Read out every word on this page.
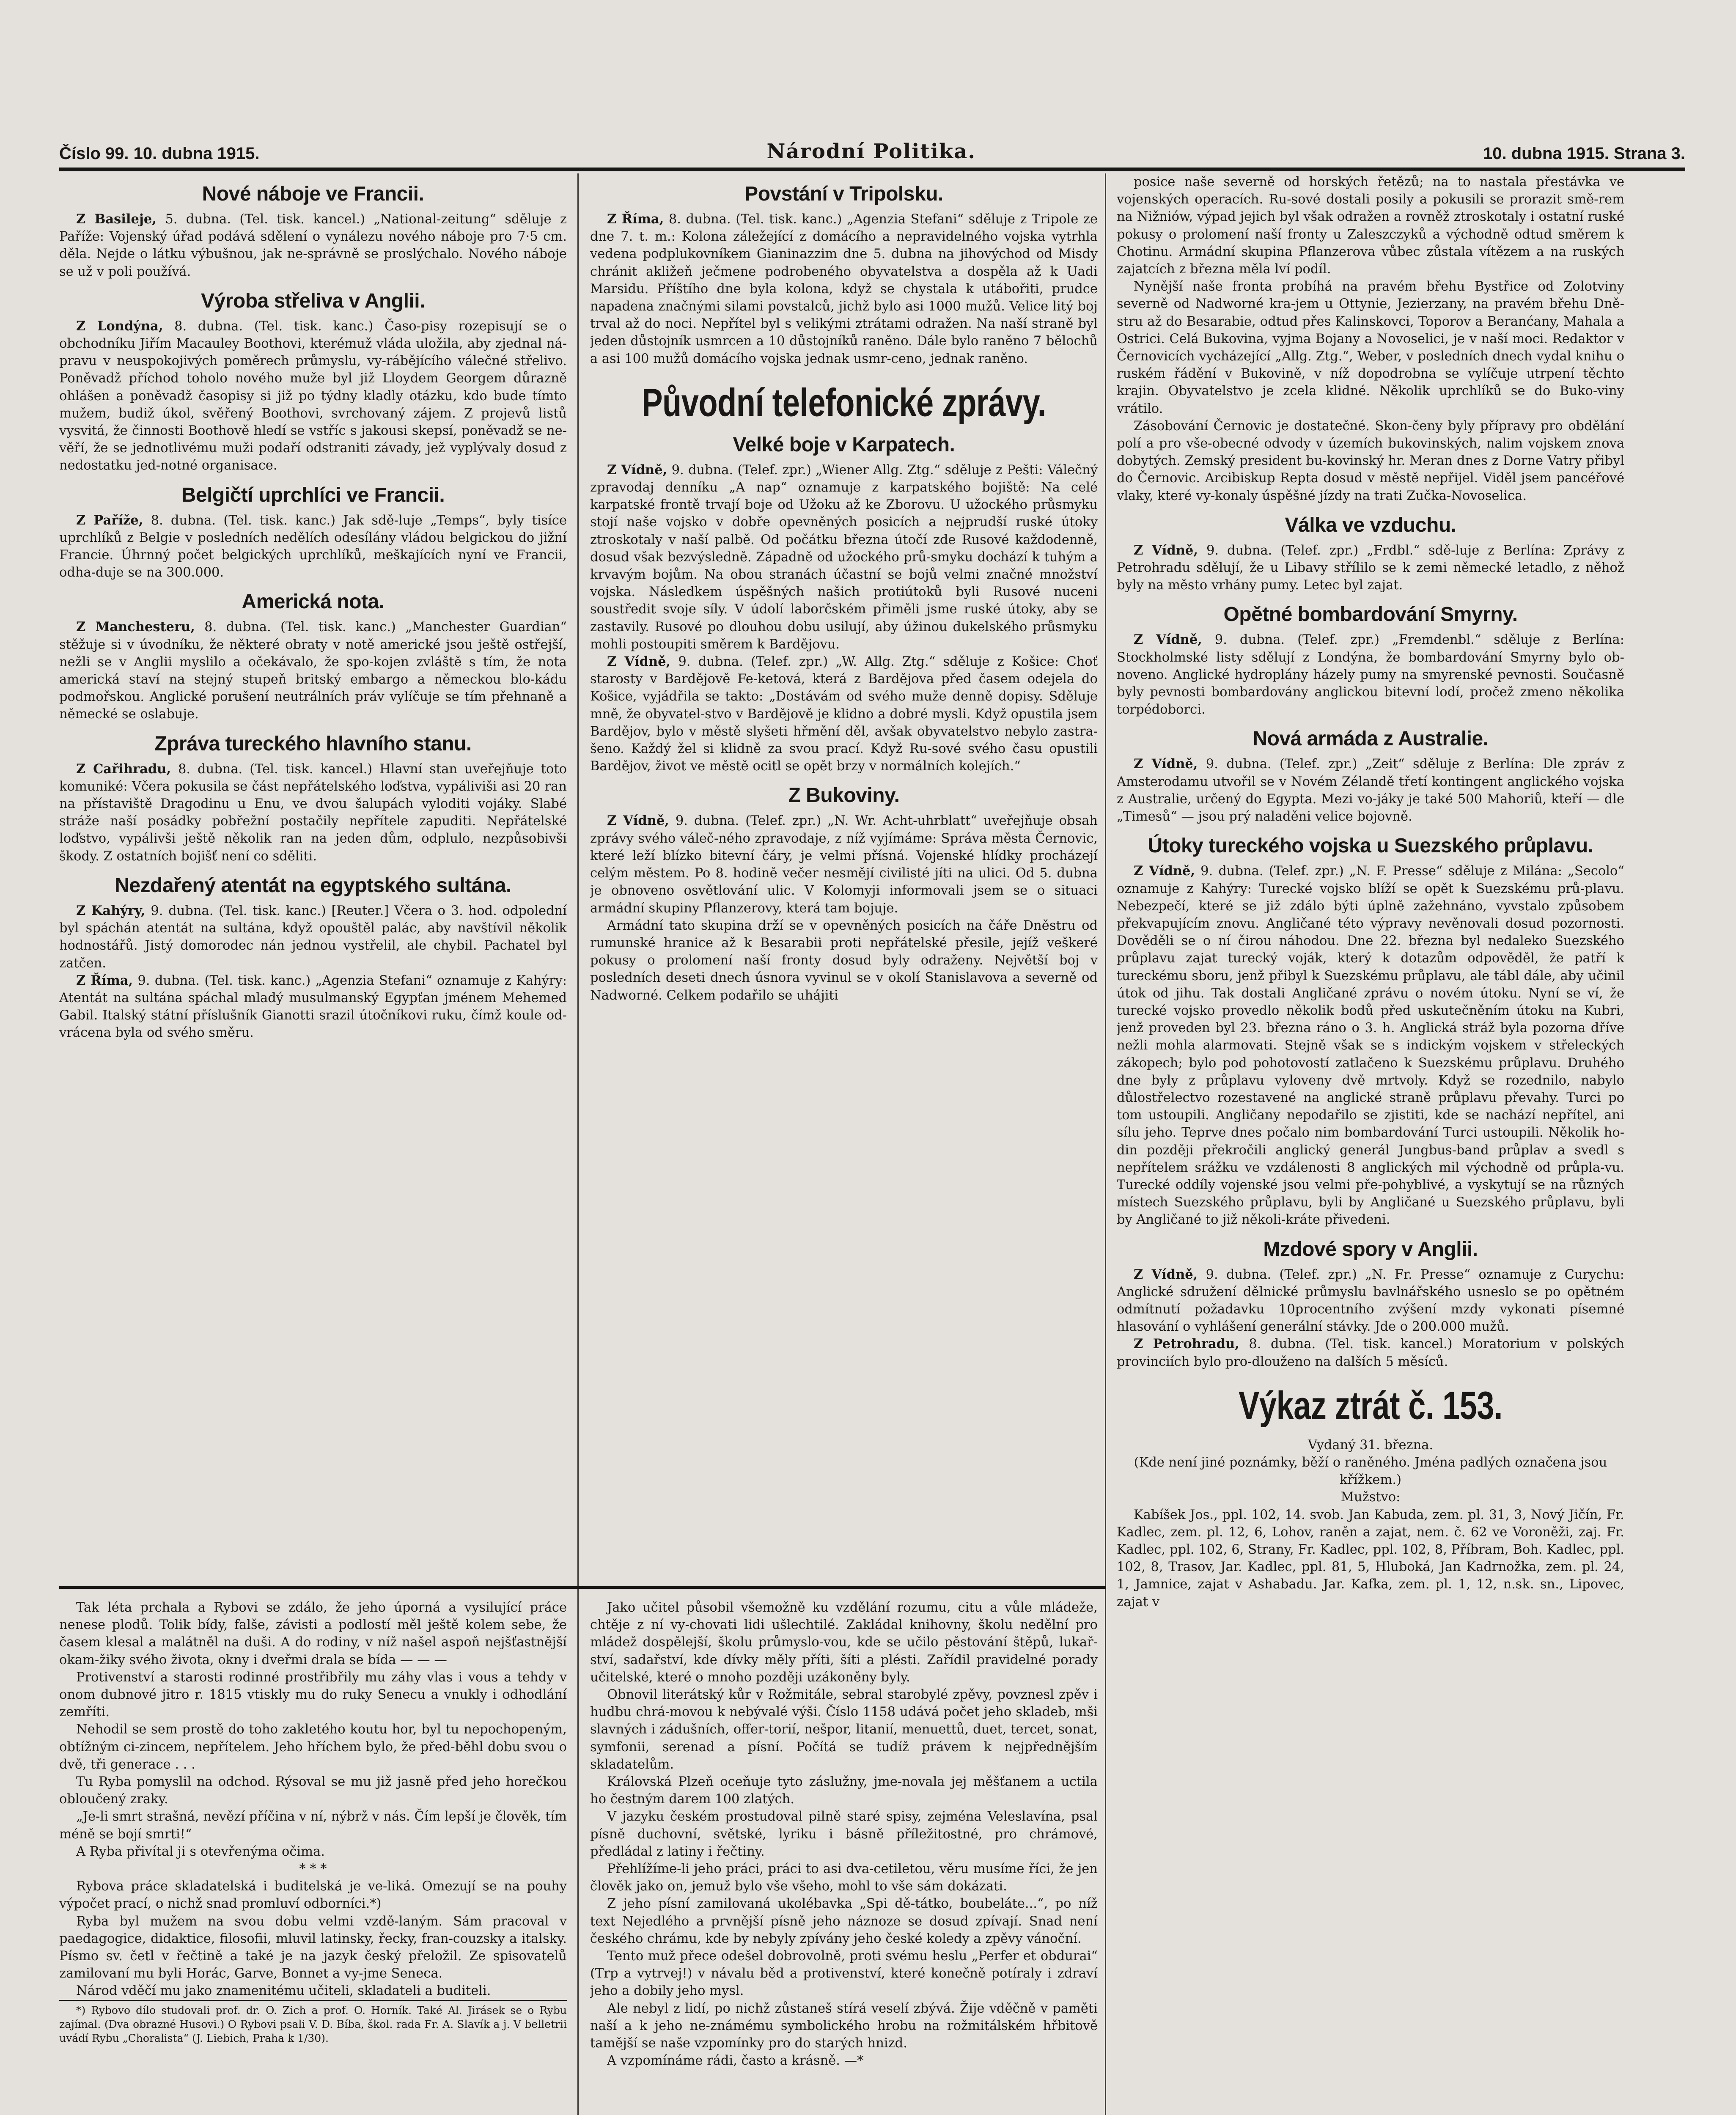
Číslo 99. 10. dubna 1915.	Národní Politika.	10. dubna 1915. Strana 3.
Nové náboje ve Francii.

Z Basileje, 5. dubna. (Tel. tisk. kancel.) „National-zeitung“ sděluje z Paříže: Vojenský úřad podává sdělení o vynálezu nového náboje pro 7·5 cm. děla. Nejde o látku výbušnou, jak ne-správně se proslýchalo. Nového náboje se už v poli používá.

Výroba střeliva v Anglii.

Z Londýna, 8. dubna. (Tel. tisk. kanc.) Časo-pisy rozepisují se o obchodníku Jiřím Macauley Boothovi, kterémuž vláda uložila, aby zjednal ná-pravu v neuspokojivých poměrech průmyslu, vy-rábějícího válečné střelivo. Poněvadž příchod toholo nového muže byl již Lloydem Georgem důrazně ohlášen a poněvadž časopisy si již po týdny kladly otázku, kdo bude tímto mužem, budiž úkol, svěřený Boothovi, svrchovaný zájem. Z projevů listů vysvitá, že činnosti Boothově hledí se vstříc s jakousi skepsí, poněvadž se ne-věří, že se jednotlivému muži podaří odstraniti závady, jež vyplývaly dosud z nedostatku jed-notné organisace.

Belgičtí uprchlíci ve Francii.

Z Paříže, 8. dubna. (Tel. tisk. kanc.) Jak sdě-luje „Temps“, byly tisíce uprchlíků z Belgie v posledních nedělích odesílány vládou belgickou do jižní Francie. Úhrnný počet belgických uprchlíků, meškajících nyní ve Francii, odha-duje se na 300.000.

Americká nota.

Z Manchesteru, 8. dubna. (Tel. tisk. kanc.) „Manchester Guardian“ stěžuje si v úvodníku, že některé obraty v notě americké jsou ještě ostřejší, nežli se v Anglii myslilo a očekávalo, že spo-kojen zvláště s tím, že nota americká staví na stejný stupeň britský embargo a německou blo-kádu podmořskou. Anglické porušení neutrálních práv vylíčuje se tím přehnaně a německé se oslabuje.

Zpráva tureckého hlavního stanu.

Z Cařihradu, 8. dubna. (Tel. tisk. kancel.) Hlavní stan uveřejňuje toto komuniké: Včera pokusila se část nepřátelského loďstva, vypáliviši asi 20 ran na přístaviště Dragodinu u Enu, ve dvou šalupách vyloditi vojáky. Slabé stráže naší posádky pobřežní postačily nepřítele zapuditi. Nepřátelské loďstvo, vypálivši ještě několik ran na jeden dům, odplulo, nezpůsobivši škody. Z ostatních bojišť není co sděliti.

Nezdařený atentát na egyptského sultána.

Z Kahýry, 9. dubna. (Tel. tisk. kanc.) [Reuter.] Včera o 3. hod. odpolední byl spáchán atentát na sultána, když opouštěl palác, aby navštívil několik hodnostářů. Jistý domorodec nán jednou vystřelil, ale chybil. Pachatel byl zatčen.

Z Říma, 9. dubna. (Tel. tisk. kanc.) „Agenzia Stefani“ oznamuje z Kahýry: Atentát na sultána spáchal mladý musulmanský Egypťan jménem Mehemed Gabil. Italský státní příslušník Gianotti srazil útočníkovi ruku, čímž koule od-vrácena byla od svého směru.

Povstání v Tripolsku.

Z Říma, 8. dubna. (Tel. tisk. kanc.) „Agenzia Stefani“ sděluje z Tripole ze dne 7. t. m.: Kolona záležející z domácího a nepravidelného vojska vytrhla vedena podplukovníkem Gianinazzim dne 5. dubna na jihovýchod od Misdy chránit akližeň ječmene podrobeného obyvatelstva a dospěla až k Uadi Marsidu. Příštího dne byla kolona, když se chystala k utábořiti, prudce napadena značnými silami povstalců, jichž bylo asi 1000 mužů. Velice litý boj trval až do noci. Nepřítel byl s velikými ztrátami odražen. Na naší straně byl jeden důstojník usmrcen a 10 důstojníků raněno. Dále bylo raněno 7 bělochů a asi 100 mužů domácího vojska jednak usmr-ceno, jednak raněno.

Původní telefonické zprávy.
Velké boje v Karpatech.

Z Vídně, 9. dubna. (Telef. zpr.) „Wiener Allg. Ztg.“ sděluje z Pešti: Válečný zpravodaj denníku „A nap“ oznamuje z karpatského bojiště: Na celé karpatské frontě trvají boje od Užoku až ke Zborovu. U užockého průsmyku stojí naše vojsko v dobře opevněných posicích a nejprudší ruské útoky ztroskotaly v naší palbě. Od počátku března útočí zde Rusové každodenně, dosud však bezvýsledně. Západně od užockého prů-smyku dochází k tuhým a krvavým bojům. Na obou stranách účastní se bojů velmi značné množství vojska. Následkem úspěšných našich protiútoků byli Rusové nuceni soustředit svoje síly. V údolí laborčském přiměli jsme ruské útoky, aby se zastavily. Rusové po dlouhou dobu usilují, aby úžinou dukelského průsmyku mohli postoupiti směrem k Bardějovu.

Z Vídně, 9. dubna. (Telef. zpr.) „W. Allg. Ztg.“ sděluje z Košice: Choť starosty v Bardějově Fe-ketová, která z Bardějova před časem odejela do Košice, vyjádřila se takto: „Dostávám od svého muže denně dopisy. Sděluje mně, že obyvatel-stvo v Bardějově je klidno a dobré mysli. Když opustila jsem Bardějov, bylo v městě slyšeti hřmění děl, avšak obyvatelstvo nebylo zastra-šeno. Každý žel si klidně za svou prací. Když Ru-sové svého času opustili Bardějov, život ve městě ocitl se opět brzy v normálních kolejích.“

Z Bukoviny.

Z Vídně, 9. dubna. (Telef. zpr.) „N. Wr. Acht-uhrblatt“ uveřejňuje obsah zprávy svého váleč-ného zpravodaje, z níž vyjímáme: Správa města Černovic, které leží blízko bitevní čáry, je velmi přísná. Vojenské hlídky procházejí celým městem. Po 8. hodině večer nesmějí civilisté jíti na ulici. Od 5. dubna je obnoveno osvětlování ulic. V Kolomyji informovali jsem se o situaci armádní skupiny Pflanzerovy, která tam bojuje.

Armádní tato skupina drží se v opevněných posicích na čáře Dněstru od rumunské hranice až k Besarabii proti nepřátelské přesile, jejíž veškeré pokusy o prolomení naší fronty dosud byly odraženy. Největší boj v posledních deseti dnech úsnora vyvinul se v okolí Stanislavova a severně od Nadworné. Celkem podařilo se uhájiti

posice naše severně od horských řetězů; na to nastala přestávka ve vojenských operacích. Ru-sové dostali posily a pokusili se prorazit smě-rem na Nižniów, výpad jejich byl však odražen a rovněž ztroskotaly i ostatní ruské pokusy o prolomení naší fronty u Zaleszczyků a východně odtud směrem k Chotinu. Armádní skupina Pflanzerova vůbec zůstala vítězem a na ruských zajatcích z března měla lví podíl.

Nynější naše fronta probíhá na pravém břehu Bystřice od Zolotviny severně od Nadworné kra-jem u Ottynie, Jezierzany, na pravém břehu Dně-stru až do Besarabie, odtud přes Kalinskovci, Toporov a Beranćany, Mahala a Ostrici. Celá Bukovina, vyjma Bojany a Novoselici, je v naší moci. Redaktor v Černovicích vycházející „Allg. Ztg.“, Weber, v posledních dnech vydal knihu o ruském řádění v Bukovině, v níž dopodrobna se vylíčuje utrpení těchto krajin. Obyvatelstvo je zcela klidné. Několik uprchlíků se do Buko-viny vrátilo.

Zásobování Černovic je dostatečné. Skon-čeny byly přípravy pro obdělání polí a pro vše-obecné odvody v územích bukovinských, nalim vojskem znova dobytých. Zemský president bu-kovinský hr. Meran dnes z Dorne Vatry přibyl do Černovic. Arcibiskup Repta dosud v městě nepřijel. Viděl jsem pancéřové vlaky, které vy-konaly úspěšné jízdy na trati Zučka-Novoselica.

Válka ve vzduchu.

Z Vídně, 9. dubna. (Telef. zpr.) „Frdbl.“ sdě-luje z Berlína: Zprávy z Petrohradu sdělují, že u Libavy střílilo se k zemi německé letadlo, z něhož byly na město vrhány pumy. Letec byl zajat.

Opětné bombardování Smyrny.

Z Vídně, 9. dubna. (Telef. zpr.) „Fremdenbl.“ sděluje z Berlína: Stockholmské listy sdělují z Londýna, že bombardování Smyrny bylo ob-noveno. Anglické hydroplány házely pumy na smyrenské pevnosti. Současně byly pevnosti bombardovány anglickou bitevní lodí, pročež zmeno několika torpédoborci.

Nová armáda z Australie.

Z Vídně, 9. dubna. (Telef. zpr.) „Zeit“ sděluje z Berlína: Dle zpráv z Amsterodamu utvořil se v Novém Zélandě třetí kontingent anglického vojska z Australie, určený do Egypta. Mezi vo-jáky je také 500 Mahoriů, kteří — dle „Timesů“ — jsou prý naladěni velice bojovně.

Útoky tureckého vojska u Suezského průplavu.

Z Vídně, 9. dubna. (Telef. zpr.) „N. F. Presse“ sděluje z Milána: „Secolo“ oznamuje z Kahýry: Turecké vojsko blíží se opět k Suezskému prů-plavu. Nebezpečí, které se již zdálo býti úplně zažehnáno, vyvstalo způsobem překvapujícím znovu. Angličané této výpravy nevěnovali dosud pozornosti. Dověděli se o ní čirou náhodou. Dne 22. března byl nedaleko Suezského průplavu zajat turecký voják, který k dotazům odpověděl, že patří k tureckému sboru, jenž přibyl k Suezskému průplavu, ale tábl dále, aby učinil útok od jihu. Tak dostali Angličané zprávu o novém útoku. Nyní se ví, že turecké vojsko provedlo několik bodů před uskutečněním útoku na Kubri, jenž proveden byl 23. března ráno o 3. h. Anglická stráž byla pozorna dříve nežli mohla alarmovati. Stejně však se s indickým vojskem v střeleckých zákopech; bylo pod pohotovostí zatlačeno k Suezskému průplavu. Druhého dne byly z průplavu vyloveny dvě mrtvoly. Když se rozednilo, nabylo důlostřelectvo rozestavené na anglické straně průplavu převahy. Turci po tom ustoupili. Angličany nepodařilo se zjistiti, kde se nachází nepřítel, ani sílu jeho. Teprve dnes počalo nim bombardování Turci ustoupili. Několik ho-din později překročili anglický generál Jungbus-band průplav a svedl s nepřítelem srážku ve vzdálenosti 8 anglických mil východně od průpla-vu. Turecké oddíly vojenské jsou velmi pře-pohyblivé, a vyskytují se na různých místech Suezského průplavu, byli by Angličané u Suezského průplavu, byli by Angličané to již několi-kráte přivedeni.

Mzdové spory v Anglii.

Z Vídně, 9. dubna. (Telef. zpr.) „N. Fr. Presse“ oznamuje z Curychu: Anglické sdružení dělnické průmyslu bavlnářského usneslo se po opětném odmítnutí požadavku 10procentního zvýšení mzdy vykonati písemné hlasování o vyhlášení generální stávky. Jde o 200.000 mužů.

Z Petrohradu, 8. dubna. (Tel. tisk. kancel.) Moratorium v polských provinciích bylo pro-dlouženo na dalších 5 měsíců.

Výkaz ztrát č. 153.

Vydaný 31. března.

(Kde není jiné poznámky, běží o raněného. Jména padlých označena jsou křížkem.)

Mužstvo:

Kabíšek Jos., ppl. 102, 14. svob. Jan Kabuda, zem. pl. 31, 3, Nový Jičín, Fr. Kadlec, zem. pl. 12, 6, Lohov, raněn a zajat, nem. č. 62 ve Voroněži, zaj. Fr. Kadlec, ppl. 102, 6, Strany, Fr. Kadlec, ppl. 102, 8, Příbram, Boh. Kadlec, ppl. 102, 8, Trasov, Jar. Kadlec, ppl. 81, 5, Hluboká, Jan Kadrnožka, zem. pl. 24, 1, Jamnice, zajat v Ashabadu. Jar. Kafka, zem. pl. 1, 12, n.sk. sn., Lipovec, zajat v

Tak léta prchala a Rybovi se zdálo, že jeho úporná a vysilující práce nenese plodů. Tolik bídy, falše, závisti a podlostí měl ještě kolem sebe, že časem klesal a malátněl na duši. A do rodiny, v níž našel aspoň nejšťastnější okam-žiky svého života, okny i dveřmi drala se bída — — —

Protivenství a starosti rodinné prostřibřily mu záhy vlas i vous a tehdy v onom dubnové jitro r. 1815 vtiskly mu do ruky Senecu a vnukly i odhodlání zemříti.

Nehodil se sem prostě do toho zakletého koutu hor, byl tu nepochopeným, obtížným ci-zincem, nepřítelem. Jeho hříchem bylo, že před-běhl dobu svou o dvě, tři generace . . .

Tu Ryba pomyslil na odchod. Rýsoval se mu již jasně před jeho horečkou obloučený zraky.

„Je-li smrt strašná, nevězí příčina v ní, nýbrž v nás. Čím lepší je člověk, tím méně se bojí smrti!“

A Ryba přivítal ji s otevřenýma očima.

* * *

Rybova práce skladatelská i buditelská je ve-liká. Omezují se na pouhy výpočet prací, o nichž snad promluví odborníci.*)

Ryba byl mužem na svou dobu velmi vzdě-laným. Sám pracoval v paedagogice, didaktice, filosofii, mluvil latinsky, řecky, fran-couzsky a italsky. Písmo sv. četl v řečtině a také je na jazyk český přeložil. Ze spisovatelů zamilovaní mu byli Horác, Garve, Bonnet a vy-jme Seneca.

Národ vděčí mu jako znamenitému učiteli, skladateli a buditeli.

*) Rybovo dílo studovali prof. dr. O. Zich a prof. O. Horník. Také Al. Jirásek se o Rybu zajímal. (Dva obrazné Husovi.) O Rybovi psali V. D. Bíba, škol. rada Fr. A. Slavík a j. V belletrii uvádí Rybu „Choralista“ (J. Liebich, Praha k 1/30).

Jako učitel působil všemožně ku vzdělání rozumu, citu a vůle mládeže, chtěje z ní vy-chovati lidi ušlechtilé. Zakládal knihovny, školu nedělní pro mládež dospělejší, školu průmyslo-vou, kde se učilo pěstování štěpů, lukař-ství, sadařství, kde dívky měly příti, šíti a plésti. Zařídil pravidelné porady učitelské, které o mnoho později uzákoněny byly.

Obnovil literátský kůr v Rožmitále, sebral starobylé zpěvy, povznesl zpěv i hudbu chrá-movou k nebývalé výši. Číslo 1158 udává počet jeho skladeb, mši slavných i zádušních, offer-torií, nešpor, litanií, menuettů, duet, tercet, sonat, symfonii, serenad a písní. Počítá se tudíž právem k nejpřednějším skladatelům.

Královská Plzeň oceňuje tyto záslužny, jme-novala jej měšťanem a uctila ho čestným darem 100 zlatých.

V jazyku českém prostudoval pilně staré spisy, zejména Veleslavína, psal písně duchovní, světské, lyriku i básně příležitostné, pro chrámové, předládal z latiny i řečtiny.

Přehlížíme-li jeho práci, práci to asi dva-cetiletou, věru musíme říci, že jen člověk jako on, jemuž bylo vše všeho, mohl to vše sám dokázati.

Z jeho písní zamilovaná ukolébavka „Spi dě-tátko, boubeláte...“, po níž text Nejedlého a prvnější písně jeho náznoze se dosud zpívají. Snad není českého chrámu, kde by nebyly zpívány jeho české koledy a zpěvy vánoční.

Tento muž přece odešel dobrovolně, proti svému heslu „Perfer et obdurai“ (Trp a vytrvej!) v návalu běd a protivenství, které konečně potíraly i zdraví jeho a dobily jeho mysl.

Ale nebyl z lidí, po nichž zůstaneš stírá veselí zbývá. Žije vděčně v paměti naší a k jeho ne-známému symbolického hrobu na rožmitálském hřbitově tamější se naše vzpomínky pro do starých hnizd.

A vzpomínáme rádi, často a krásně. —*
